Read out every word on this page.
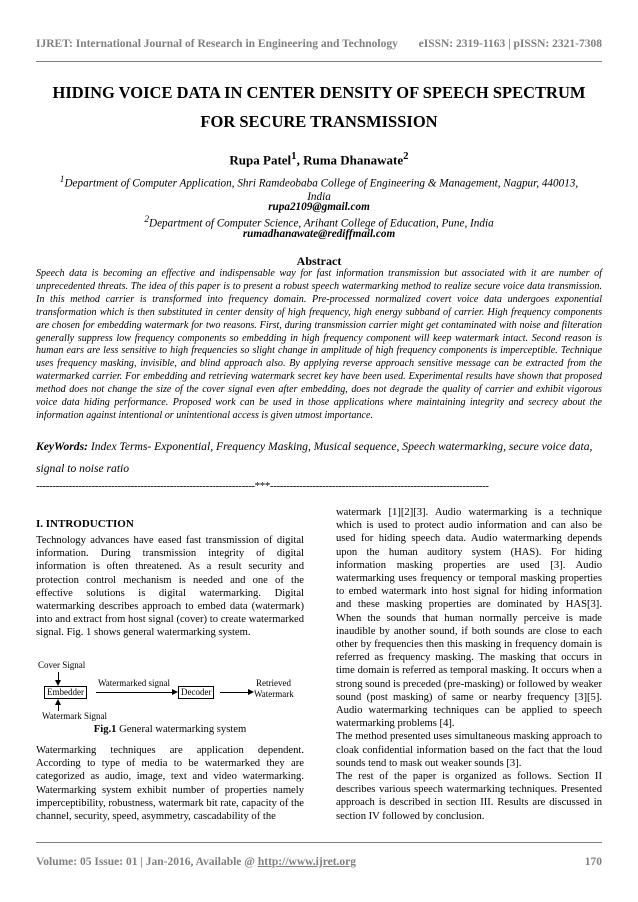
IJRET: International Journal of Research in Engineering and Technology eISSN: 2319-1163 | pISSN: 2321-7308
HIDING VOICE DATA IN CENTER DENSITY OF SPEECH SPECTRUM
FOR SECURE TRANSMISSION
Rupa Patel$^1$, Ruma Dhanawate$^2$
$^1$Department of Computer Application, Shri Ramdeobaba College of Engineering & Management, Nagpur, 440013,
India
rupa2109@gmail.com
$^2$Department of Computer Science, Arihant College of Education, Pune, India
rumadhanawate@rediffmail.com
Abstract
Speech data is becoming an effective and indispensable way for fast information transmission but associated with it are number of unprecedented threats. The idea of this paper is to present a robust speech watermarking method to realize secure voice data transmission. In this method carrier is transformed into frequency domain. Pre-processed normalized covert voice data undergoes exponential transformation which is then substituted in center density of high frequency, high energy subband of carrier. High frequency components are chosen for embedding watermark for two reasons. First, during transmission carrier might get contaminated with noise and filteration generally suppress low frequency components so embedding in high frequency component will keep watermark intact. Second reason is human ears are less sensitive to high frequencies so slight change in amplitude of high frequency components is imperceptible. Technique uses frequency masking, invisible, and blind approach also. By applying reverse approach sensitive message can be extracted from the watermarked carrier. For embedding and retrieving watermark secret key have been used. Experimental results have shown that proposed method does not change the size of the cover signal even after embedding, does not degrade the quality of carrier and exhibit vigorous voice data hiding performance. Proposed work can be used in those applications where maintaining integrity and secrecy about the information against intentional or unintentional access is given utmost importance.
KeyWords: Index Terms- Exponential, Frequency Masking, Musical sequence, Speech watermarking, secure voice data, signal to noise ratio
-------------------------------------------------------------------***-------------------------------------------------------------------
I. INTRODUCTION

Technology advances have eased fast transmission of digital information. During transmission integrity of digital information is often threatened. As a result security and protection control mechanism is needed and one of the effective solutions is digital watermarking. Digital watermarking describes approach to embed data (watermark) into and extract from host signal (cover) to create watermarked signal. Fig. 1 shows general watermarking system.

Cover Signal
Embedder
Watermarked signal
Decoder
Retrieved
Watermark
Watermark Signal
Fig.1 General watermarking system

Watermarking techniques are application dependent. According to type of media to be watermarked they are categorized as audio, image, text and video watermarking. Watermarking system exhibit number of properties namely imperceptibility, robustness, watermark bit rate, capacity of the channel, security, speed, asymmetry, cascadability of the

watermark [1][2][3]. Audio watermarking is a technique which is used to protect audio information and can also be used for hiding speech data. Audio watermarking depends upon the human auditory system (HAS). For hiding information masking properties are used [3]. Audio watermarking uses frequency or temporal masking properties to embed watermark into host signal for hiding information and these masking properties are dominated by HAS[3]. When the sounds that human normally perceive is made inaudible by another sound, if both sounds are close to each other by frequencies then this masking in frequency domain is referred as frequency masking. The masking that occurs in time domain is referred as temporal masking. It occurs when a strong sound is preceded (pre-masking) or followed by weaker sound (post masking) of same or nearby frequency [3][5]. Audio watermarking techniques can be applied to speech watermarking problems [4].

The method presented uses simultaneous masking approach to cloak confidential information based on the fact that the loud sounds tend to mask out weaker sounds [3].

The rest of the paper is organized as follows. Section II describes various speech watermarking techniques. Presented approach is described in section III. Results are discussed in section IV followed by conclusion.

Volume: 05 Issue: 01 | Jan-2016, Available @ http://www.ijret.org	170
